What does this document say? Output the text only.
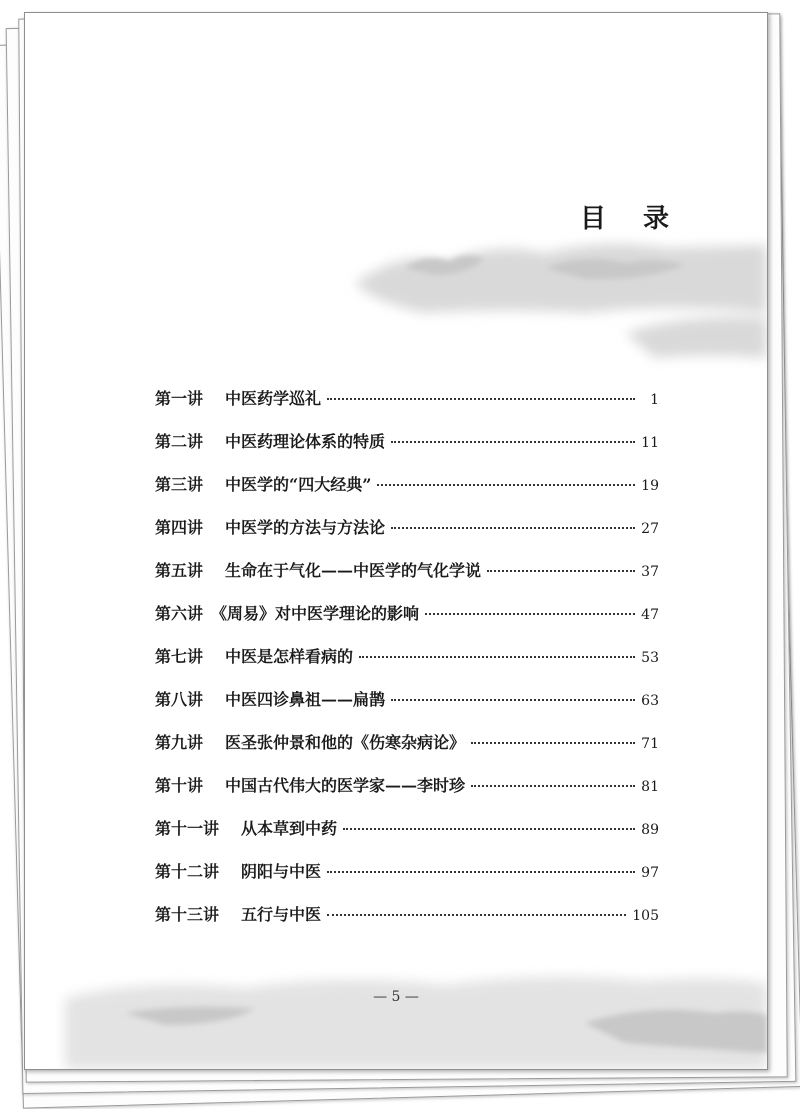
目 录
第一讲 中医药学巡礼	1
第二讲 中医药理论体系的特质	11
第三讲 中医学的“四大经典”	19
第四讲 中医学的方法与方法论	27
第五讲 生命在于气化——中医学的气化学说	37
第六讲 《周易》对中医学理论的影响	47
第七讲 中医是怎样看病的	53
第八讲 中医四诊鼻祖——扁鹊	63
第九讲 医圣张仲景和他的《伤寒杂病论》	71
第十讲 中国古代伟大的医学家——李时珍	81
第十一讲 从本草到中药	89
第十二讲 阴阳与中医	97
第十三讲 五行与中医	105
— 5 —
